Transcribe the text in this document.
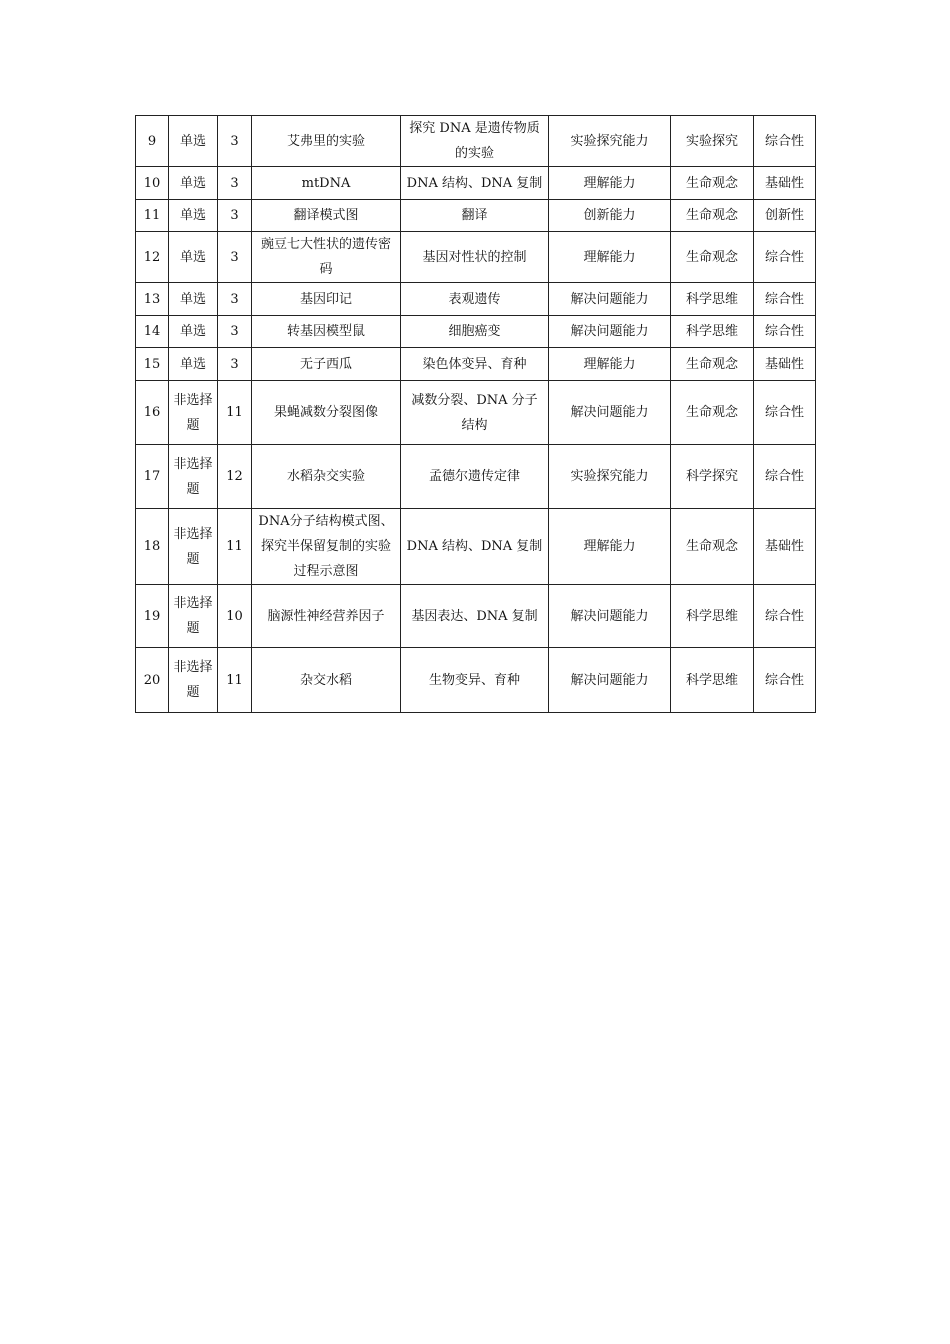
9	单选	3	艾弗里的实验	探究 DNA 是遗传物质的实验	实验探究能力	实验探究	综合性
10	单选	3	mtDNA	DNA 结构、DNA 复制	理解能力	生命观念	基础性
11	单选	3	翻译模式图	翻译	创新能力	生命观念	创新性
12	单选	3	豌豆七大性状的遗传密码	基因对性状的控制	理解能力	生命观念	综合性
13	单选	3	基因印记	表观遗传	解决问题能力	科学思维	综合性
14	单选	3	转基因模型鼠	细胞癌变	解决问题能力	科学思维	综合性
15	单选	3	无子西瓜	染色体变异、育种	理解能力	生命观念	基础性
16	非选择题	11	果蝇减数分裂图像	减数分裂、DNA 分子结构	解决问题能力	生命观念	综合性
17	非选择题	12	水稻杂交实验	孟德尔遗传定律	实验探究能力	科学探究	综合性
18	非选择题	11	DNA分子结构模式图、探究半保留复制的实验过程示意图	DNA 结构、DNA 复制	理解能力	生命观念	基础性
19	非选择题	10	脑源性神经营养因子	基因表达、DNA 复制	解决问题能力	科学思维	综合性
20	非选择题	11	杂交水稻	生物变异、育种	解决问题能力	科学思维	综合性
